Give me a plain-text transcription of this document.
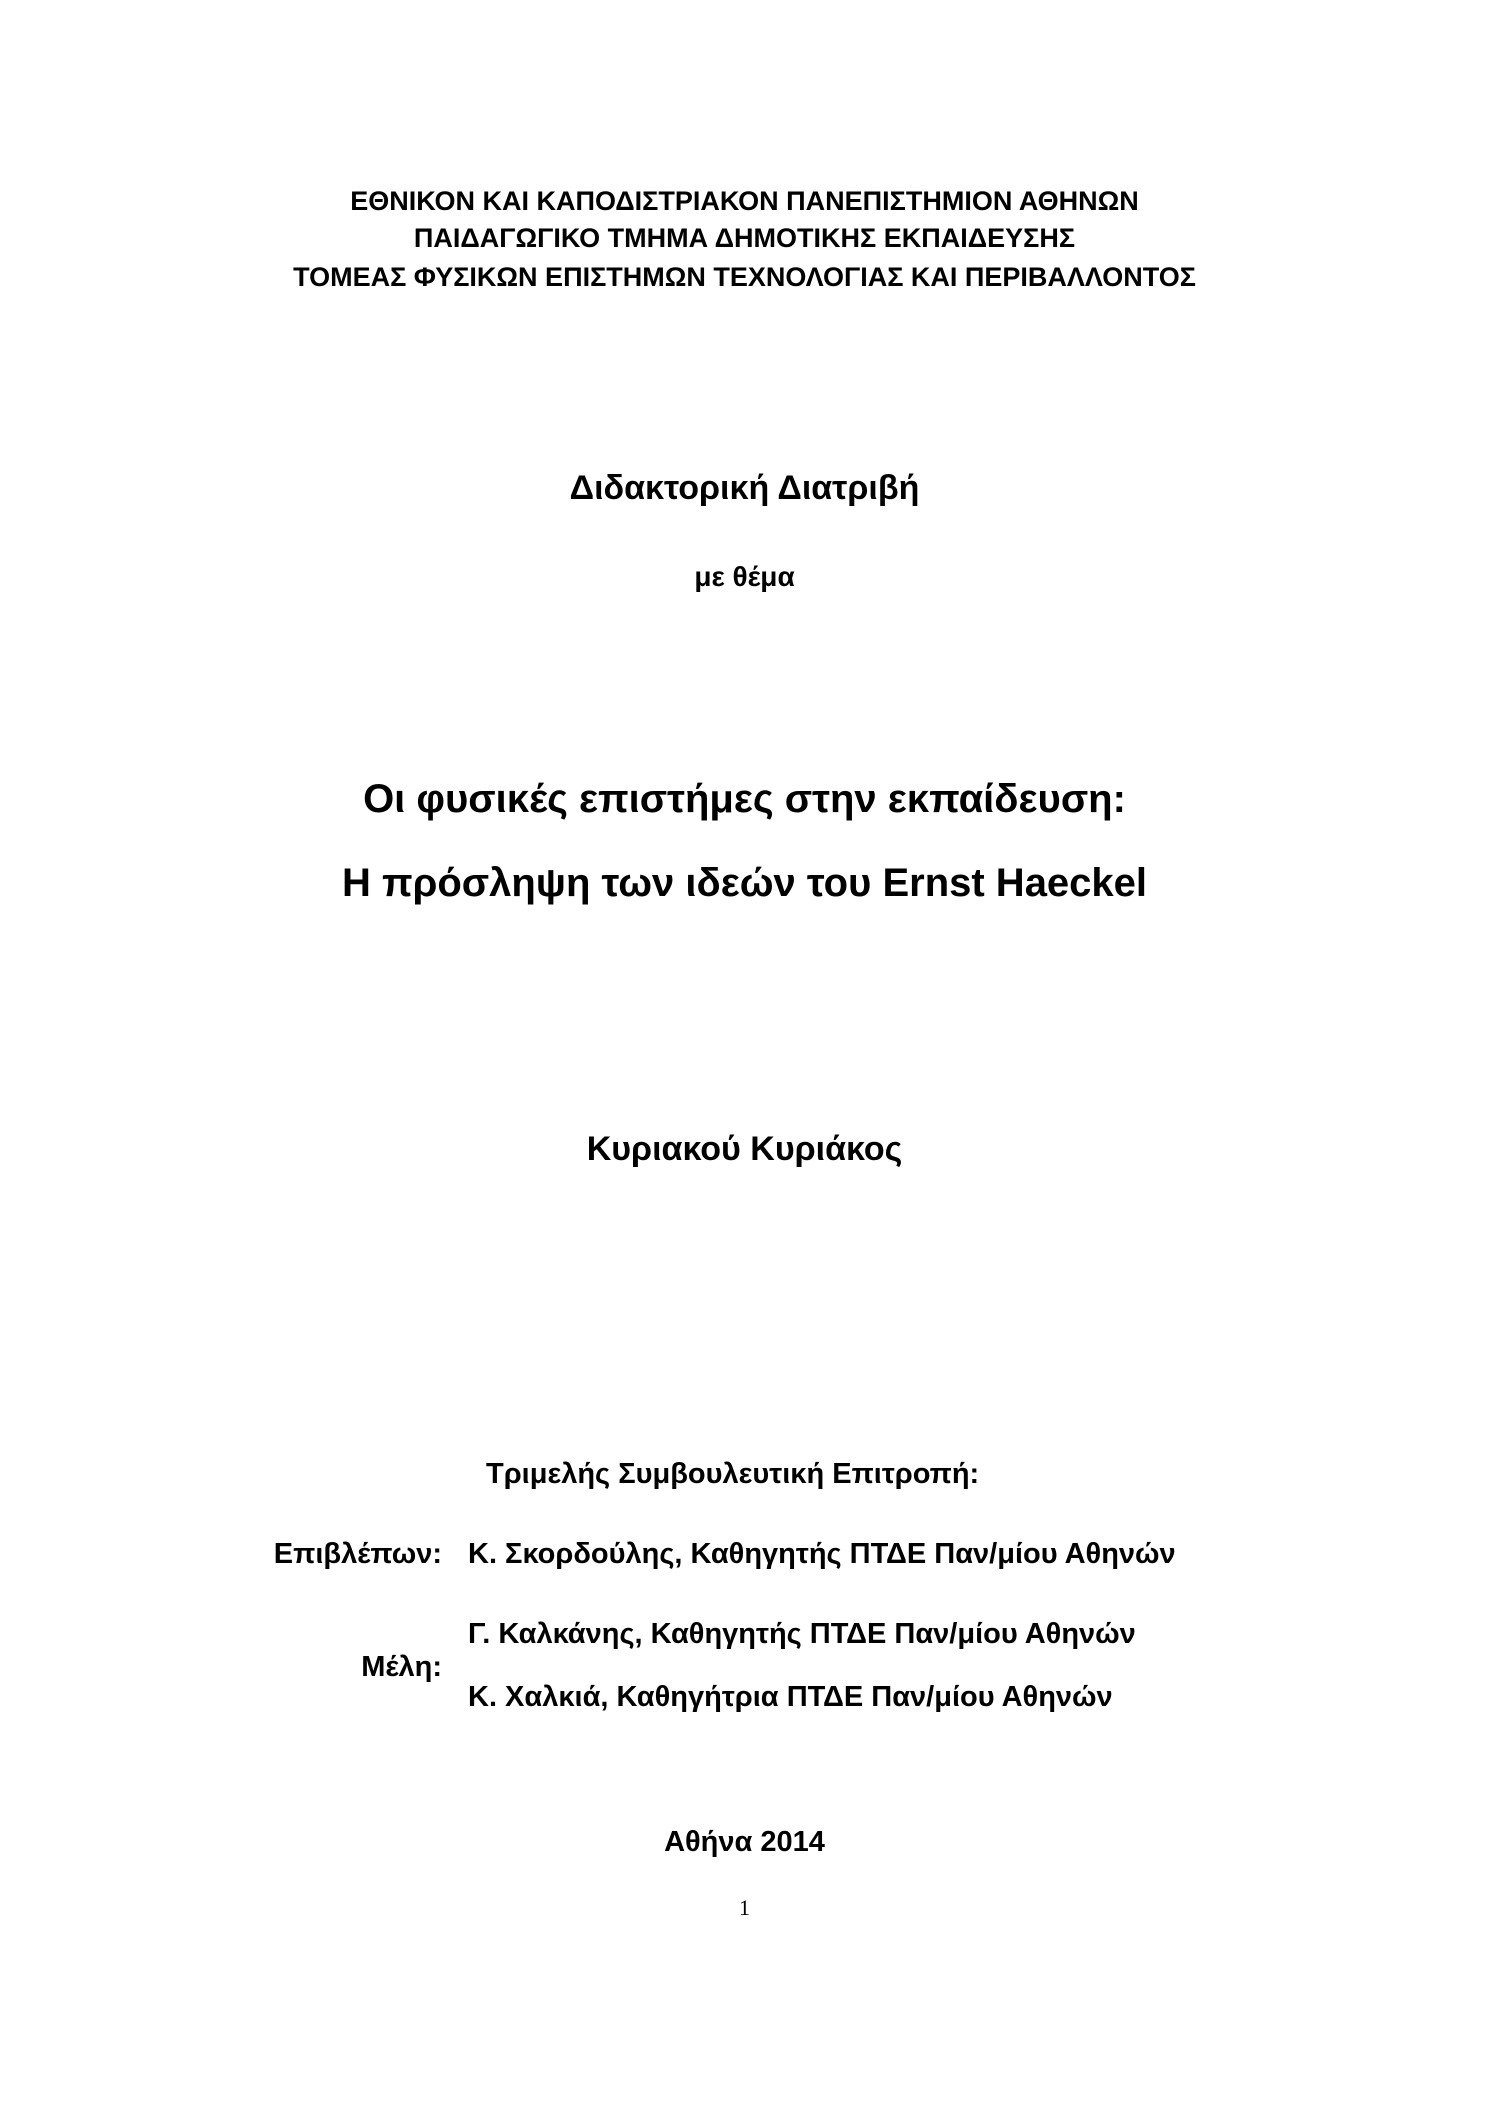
ΕΘΝΙΚΟΝ ΚΑΙ ΚΑΠΟΔΙΣΤΡΙΑΚΟΝ ΠΑΝΕΠΙΣΤΗΜΙΟΝ ΑΘΗΝΩΝ
ΠΑΙΔΑΓΩΓΙΚΟ ΤΜΗΜΑ ΔΗΜΟΤΙΚΗΣ ΕΚΠΑΙΔΕΥΣΗΣ
ΤΟΜΕΑΣ ΦΥΣΙΚΩΝ ΕΠΙΣΤΗΜΩΝ ΤΕΧΝΟΛΟΓΙΑΣ ΚΑΙ ΠΕΡΙΒΑΛΛΟΝΤΟΣ
Διδακτορική Διατριβή
με θέμα
Οι φυσικές επιστήμες στην εκπαίδευση:
Η πρόσληψη των ιδεών του Ernst Haeckel
Κυριακού Κυριάκος
Τριμελής Συμβουλευτική Επιτροπή:
Επιβλέπων: Κ. Σκορδούλης, Καθηγητής ΠΤΔΕ Παν/μίου Αθηνών
Μέλη:
Γ. Καλκάνης, Καθηγητής ΠΤΔΕ Παν/μίου Αθηνών
Κ. Χαλκιά, Καθηγήτρια ΠΤΔΕ Παν/μίου Αθηνών
Αθήνα 2014
1
